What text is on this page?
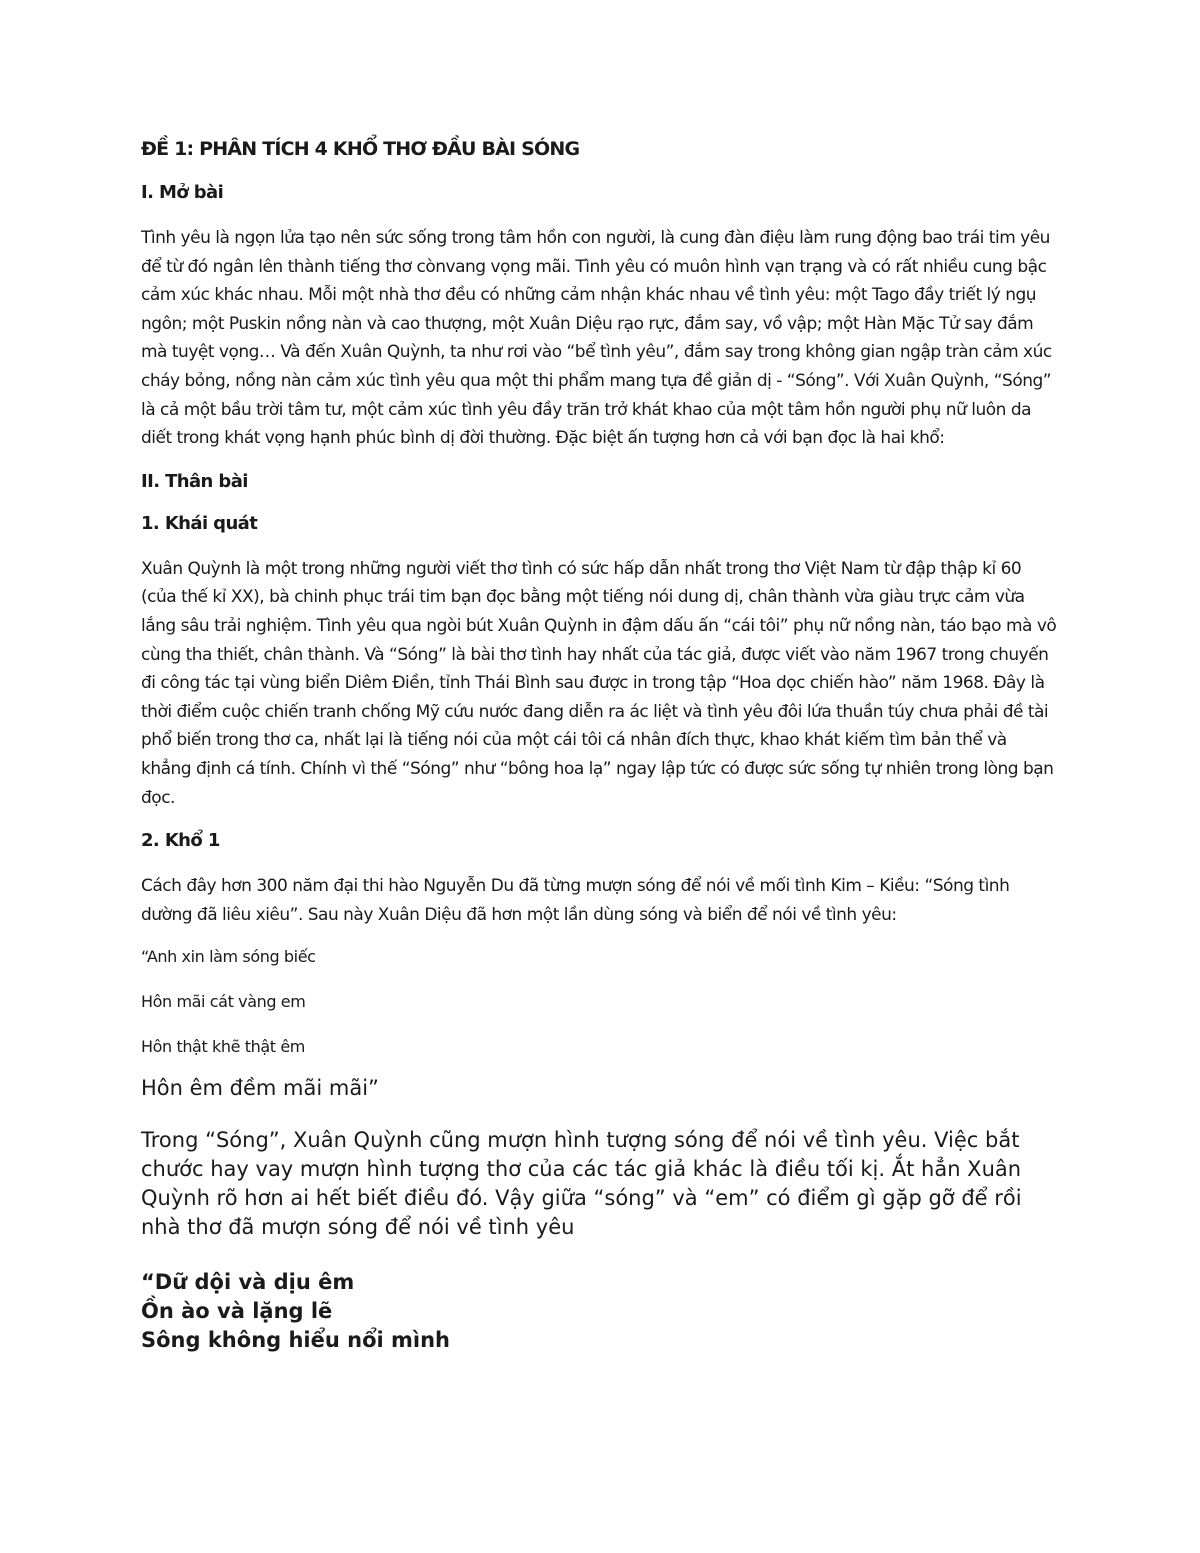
ĐỀ 1: PHÂN TÍCH 4 KHỔ THƠ ĐẦU BÀI SÓNG
I. Mở bài

Tình yêu là ngọn lửa tạo nên sức sống trong tâm hồn con người, là cung đàn điệu làm rung động bao trái tim yêu để từ đó ngân lên thành tiếng thơ cònvang vọng mãi. Tình yêu có muôn hình vạn trạng và có rất nhiều cung bậc cảm xúc khác nhau. Mỗi một nhà thơ đều có những cảm nhận khác nhau về tình yêu: một Tago đầy triết lý ngụ ngôn; một Puskin nồng nàn và cao thượng, một Xuân Diệu rạo rực, đắm say, vồ vập; một Hàn Mặc Tử say đắm mà tuyệt vọng… Và đến Xuân Quỳnh, ta như rơi vào “bể tình yêu”, đắm say trong không gian ngập tràn cảm xúc cháy bỏng, nồng nàn cảm xúc tình yêu qua một thi phẩm mang tựa đề giản dị - “Sóng”. Với Xuân Quỳnh, “Sóng” là cả một bầu trời tâm tư, một cảm xúc tình yêu đầy trăn trở khát khao của một tâm hồn người phụ nữ luôn da diết trong khát vọng hạnh phúc bình dị đời thường. Đặc biệt ấn tượng hơn cả với bạn đọc là hai khổ:

II. Thân bài
1. Khái quát

Xuân Quỳnh là một trong những người viết thơ tình có sức hấp dẫn nhất trong thơ Việt Nam từ đập thập kỉ 60 (của thế kỉ XX), bà chinh phục trái tim bạn đọc bằng một tiếng nói dung dị, chân thành vừa giàu trực cảm vừa lắng sâu trải nghiệm. Tình yêu qua ngòi bút Xuân Quỳnh in đậm dấu ấn “cái tôi” phụ nữ nồng nàn, táo bạo mà vô cùng tha thiết, chân thành. Và “Sóng” là bài thơ tình hay nhất của tác giả, được viết vào năm 1967 trong chuyến đi công tác tại vùng biển Diêm Điền, tỉnh Thái Bình sau được in trong tập “Hoa dọc chiến hào” năm 1968. Đây là thời điểm cuộc chiến tranh chống Mỹ cứu nước đang diễn ra ác liệt và tình yêu đôi lứa thuần túy chưa phải đề tài phổ biến trong thơ ca, nhất lại là tiếng nói của một cái tôi cá nhân đích thực, khao khát kiếm tìm bản thể và khẳng định cá tính. Chính vì thế “Sóng” như “bông hoa lạ” ngay lập tức có được sức sống tự nhiên trong lòng bạn đọc.

2. Khổ 1

Cách đây hơn 300 năm đại thi hào Nguyễn Du đã từng mượn sóng để nói về mối tình Kim – Kiều: “Sóng tình dường đã liêu xiêu”. Sau này Xuân Diệu đã hơn một lần dùng sóng và biển để nói về tình yêu:

“Anh xin làm sóng biếc
Hôn mãi cát vàng em
Hôn thật khẽ thật êm
Hôn êm đềm mãi mãi”

Trong “Sóng”, Xuân Quỳnh cũng mượn hình tượng sóng để nói về tình yêu. Việc bắt chước hay vay mượn hình tượng thơ của các tác giả khác là điều tối kị. Ắt hẳn Xuân Quỳnh rõ hơn ai hết biết điều đó. Vậy giữa “sóng” và “em” có điểm gì gặp gỡ để rồi nhà thơ đã mượn sóng để nói về tình yêu

“Dữ dội và dịu êm
Ồn ào và lặng lẽ
Sông không hiểu nổi mình
